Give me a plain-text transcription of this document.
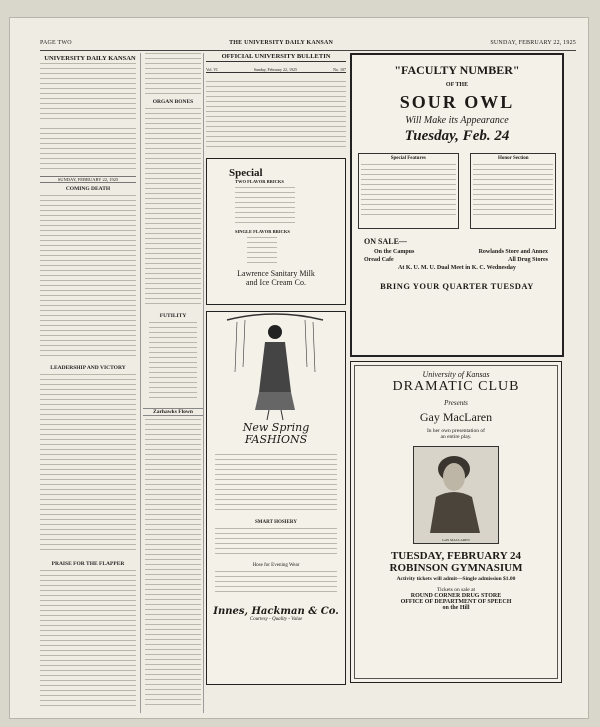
PAGE TWO	THE UNIVERSITY DAILY KANSAN	SUNDAY, FEBRUARY 22, 1925
UNIVERSITY DAILY KANSAN
SUNDAY, FEBRUARY 22, 1925
COMING DEATH
LEADERSHIP AND VICTORY
PRAISE FOR THE FLAPPER
ORGAN BONES
FUTILITY
Zarhawks Flown
OFFICIAL UNIVERSITY BULLETIN
Vol. VI	Sunday, February 22, 1925	No. 107
Special
TWO FLAVOR BRICKS
SINGLE FLAVOR BRICKS
Lawrence Sanitary Milk
and Ice Cream Co.
New Spring
FASHIONS
SMART HOSIERY
Hose for Evening Wear
Innes, Hackman & Co.
Courtesy - Quality - Value
"FACULTY NUMBER"
OF THE
SOUR OWL
Will Make its Appearance
Tuesday, Feb. 24
Special Features	Honor Section
ON SALE—
On the Campus	Rowlands Store and Annex
Oread Cafe	All Drug Stores
At K. U. M. U. Dual Meet in K. C. Wednesday
BRING YOUR QUARTER TUESDAY
University of Kansas
DRAMATIC CLUB
Presents
Gay MacLaren
In her own presentation of
an entire play.
GAY MACLAREN
TUESDAY, FEBRUARY 24
ROBINSON GYMNASIUM
Activity tickets will admit—Single admission $1.00
Tickets on sale at
ROUND CORNER DRUG STORE
OFFICE OF DEPARTMENT OF SPEECH
on the Hill
